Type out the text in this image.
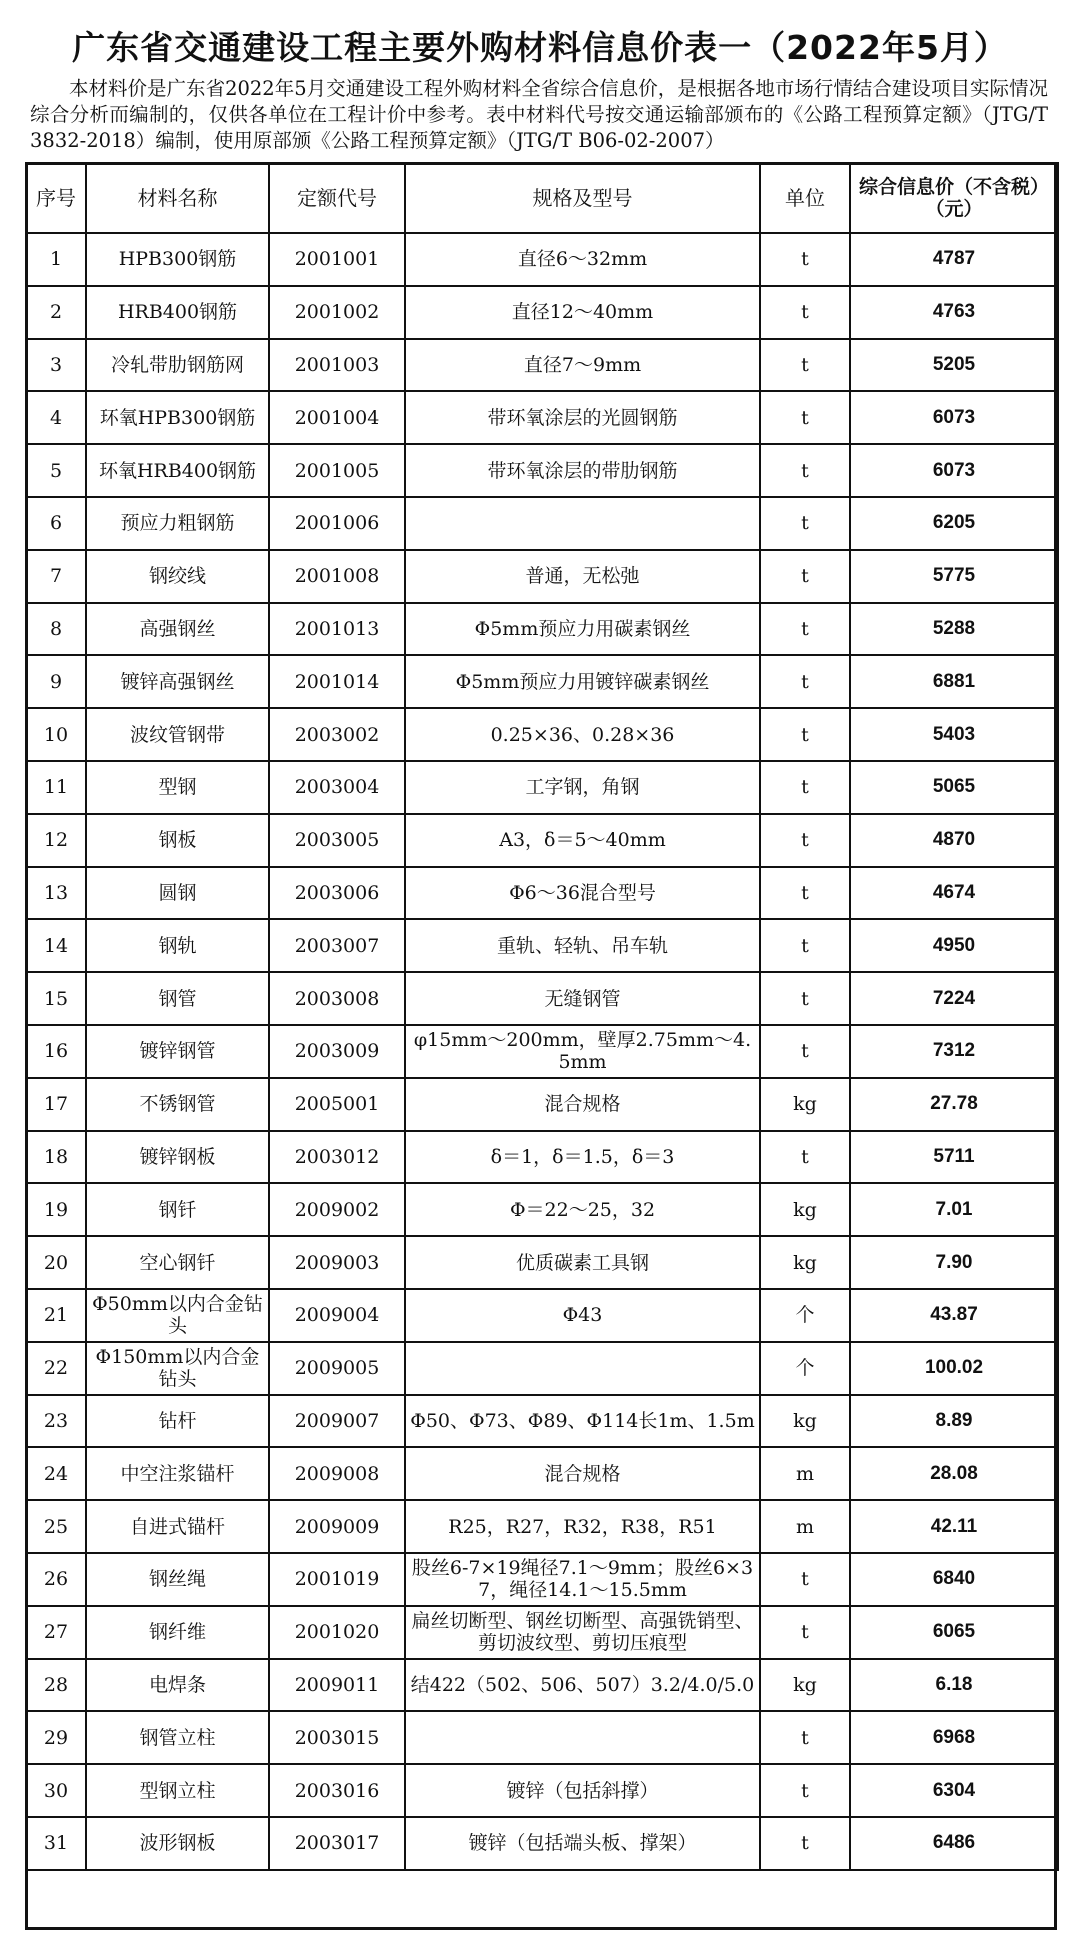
广东省交通建设工程主要外购材料信息价表一（2022年5月）
本材料价是广东省2022年5月交通建设工程外购材料全省综合信息价，是根据各地市场行情结合建设项目实际情况综合分析而编制的，仅供各单位在工程计价中参考。表中材料代号按交通运输部颁布的《公路工程预算定额》（JTG/T 3832-2018）编制，使用原部颁《公路工程预算定额》（JTG/T B06-02-2007）
序号	材料名称	定额代号	规格及型号	单位	综合信息价（不含税）（元）
1	HPB300钢筋	2001001	直径6～32mm	t	4787
2	HRB400钢筋	2001002	直径12～40mm	t	4763
3	冷轧带肋钢筋网	2001003	直径7～9mm	t	5205
4	环氧HPB300钢筋	2001004	带环氧涂层的光圆钢筋	t	6073
5	环氧HRB400钢筋	2001005	带环氧涂层的带肋钢筋	t	6073
6	预应力粗钢筋	2001006		t	6205
7	钢绞线	2001008	普通，无松弛	t	5775
8	高强钢丝	2001013	Φ5mm预应力用碳素钢丝	t	5288
9	镀锌高强钢丝	2001014	Φ5mm预应力用镀锌碳素钢丝	t	6881
10	波纹管钢带	2003002	0.25×36、0.28×36	t	5403
11	型钢	2003004	工字钢，角钢	t	5065
12	钢板	2003005	A3，δ＝5～40mm	t	4870
13	圆钢	2003006	Φ6～36混合型号	t	4674
14	钢轨	2003007	重轨、轻轨、吊车轨	t	4950
15	钢管	2003008	无缝钢管	t	7224
16	镀锌钢管	2003009	φ15mm～200mm，壁厚2.75mm～4.5mm	t	7312
17	不锈钢管	2005001	混合规格	kg	27.78
18	镀锌钢板	2003012	δ＝1，δ＝1.5，δ＝3	t	5711
19	钢钎	2009002	Φ＝22～25，32	kg	7.01
20	空心钢钎	2009003	优质碳素工具钢	kg	7.90
21	Φ50mm以内合金钻头	2009004	Φ43	个	43.87
22	Φ150mm以内合金钻头	2009005		个	100.02
23	钻杆	2009007	Φ50、Φ73、Φ89、Φ114长1m、1.5m	kg	8.89
24	中空注浆锚杆	2009008	混合规格	m	28.08
25	自进式锚杆	2009009	R25，R27，R32，R38，R51	m	42.11
26	钢丝绳	2001019	股丝6-7×19绳径7.1～9mm；股丝6×37，绳径14.1～15.5mm	t	6840
27	钢纤维	2001020	扁丝切断型、钢丝切断型、高强铣销型、剪切波纹型、剪切压痕型	t	6065
28	电焊条	2009011	结422（502、506、507）3.2/4.0/5.0	kg	6.18
29	钢管立柱	2003015		t	6968
30	型钢立柱	2003016	镀锌（包括斜撑）	t	6304
31	波形钢板	2003017	镀锌（包括端头板、撑架）	t	6486
